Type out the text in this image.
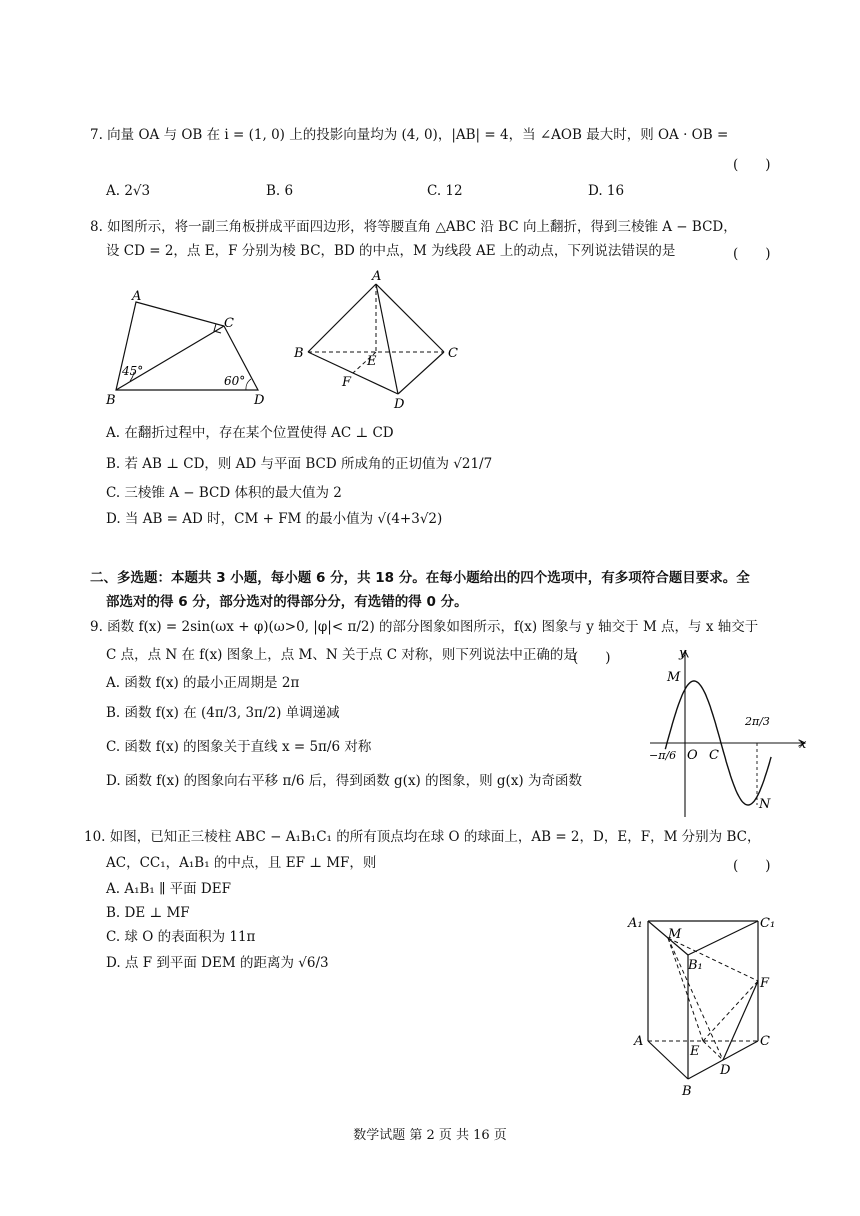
7. 向量 OA 与 OB 在 i = (1, 0) 上的投影向量均为 (4, 0)，|AB| = 4，当 ∠AOB 最大时，则 OA · OB =
(　　)
A. 2√3	B. 6	C. 12	D. 16
8. 如图所示，将一副三角板拼成平面四边形，将等腰直角 △ABC 沿 BC 向上翻折，得到三棱锥 A − BCD，
设 CD = 2，点 E，F 分别为棱 BC，BD 的中点，M 为线段 AE 上的动点，下列说法错误的是	(　　)
A
B
C
D
45°
60°
A
B	C
D
E
F
A. 在翻折过程中，存在某个位置使得 AC ⊥ CD
B. 若 AB ⊥ CD，则 AD 与平面 BCD 所成角的正切值为 √21/7
C. 三棱锥 A − BCD 体积的最大值为 2
D. 当 AB = AD 时，CM + FM 的最小值为 √(4+3√2)
二、多选题：本题共 3 小题，每小题 6 分，共 18 分。在每小题给出的四个选项中，有多项符合题目要求。全
部选对的得 6 分，部分选对的得部分分，有选错的得 0 分。
9. 函数 f(x) = 2sin(ωx + φ)(ω>0, |φ|< π/2) 的部分图象如图所示，f(x) 图象与 y 轴交于 M 点，与 x 轴交于
C 点，点 N 在 f(x) 图象上，点 M、N 关于点 C 对称，则下列说法中正确的是
(　　)
A. 函数 f(x) 的最小正周期是 2π
B. 函数 f(x) 在 (4π/3, 3π/2) 单调递减
C. 函数 f(x) 的图象关于直线 x = 5π/6 对称
D. 函数 f(x) 的图象向右平移 π/6 后，得到函数 g(x) 的图象，则 g(x) 为奇函数
y
x
M
N
O C
−π/6
2π/3
10. 如图，已知正三棱柱 ABC − A₁B₁C₁ 的所有顶点均在球 O 的球面上，AB = 2，D，E，F，M 分别为 BC，
AC，CC₁，A₁B₁ 的中点，且 EF ⊥ MF，则	(　　)
A. A₁B₁ ∥ 平面 DEF
B. DE ⊥ MF
C. 球 O 的表面积为 11π
D. 点 F 到平面 DEM 的距离为 √6/3
A₁	C₁
B₁
M
F
A	C
E
D
B
数学试题 第 2 页 共 16 页
